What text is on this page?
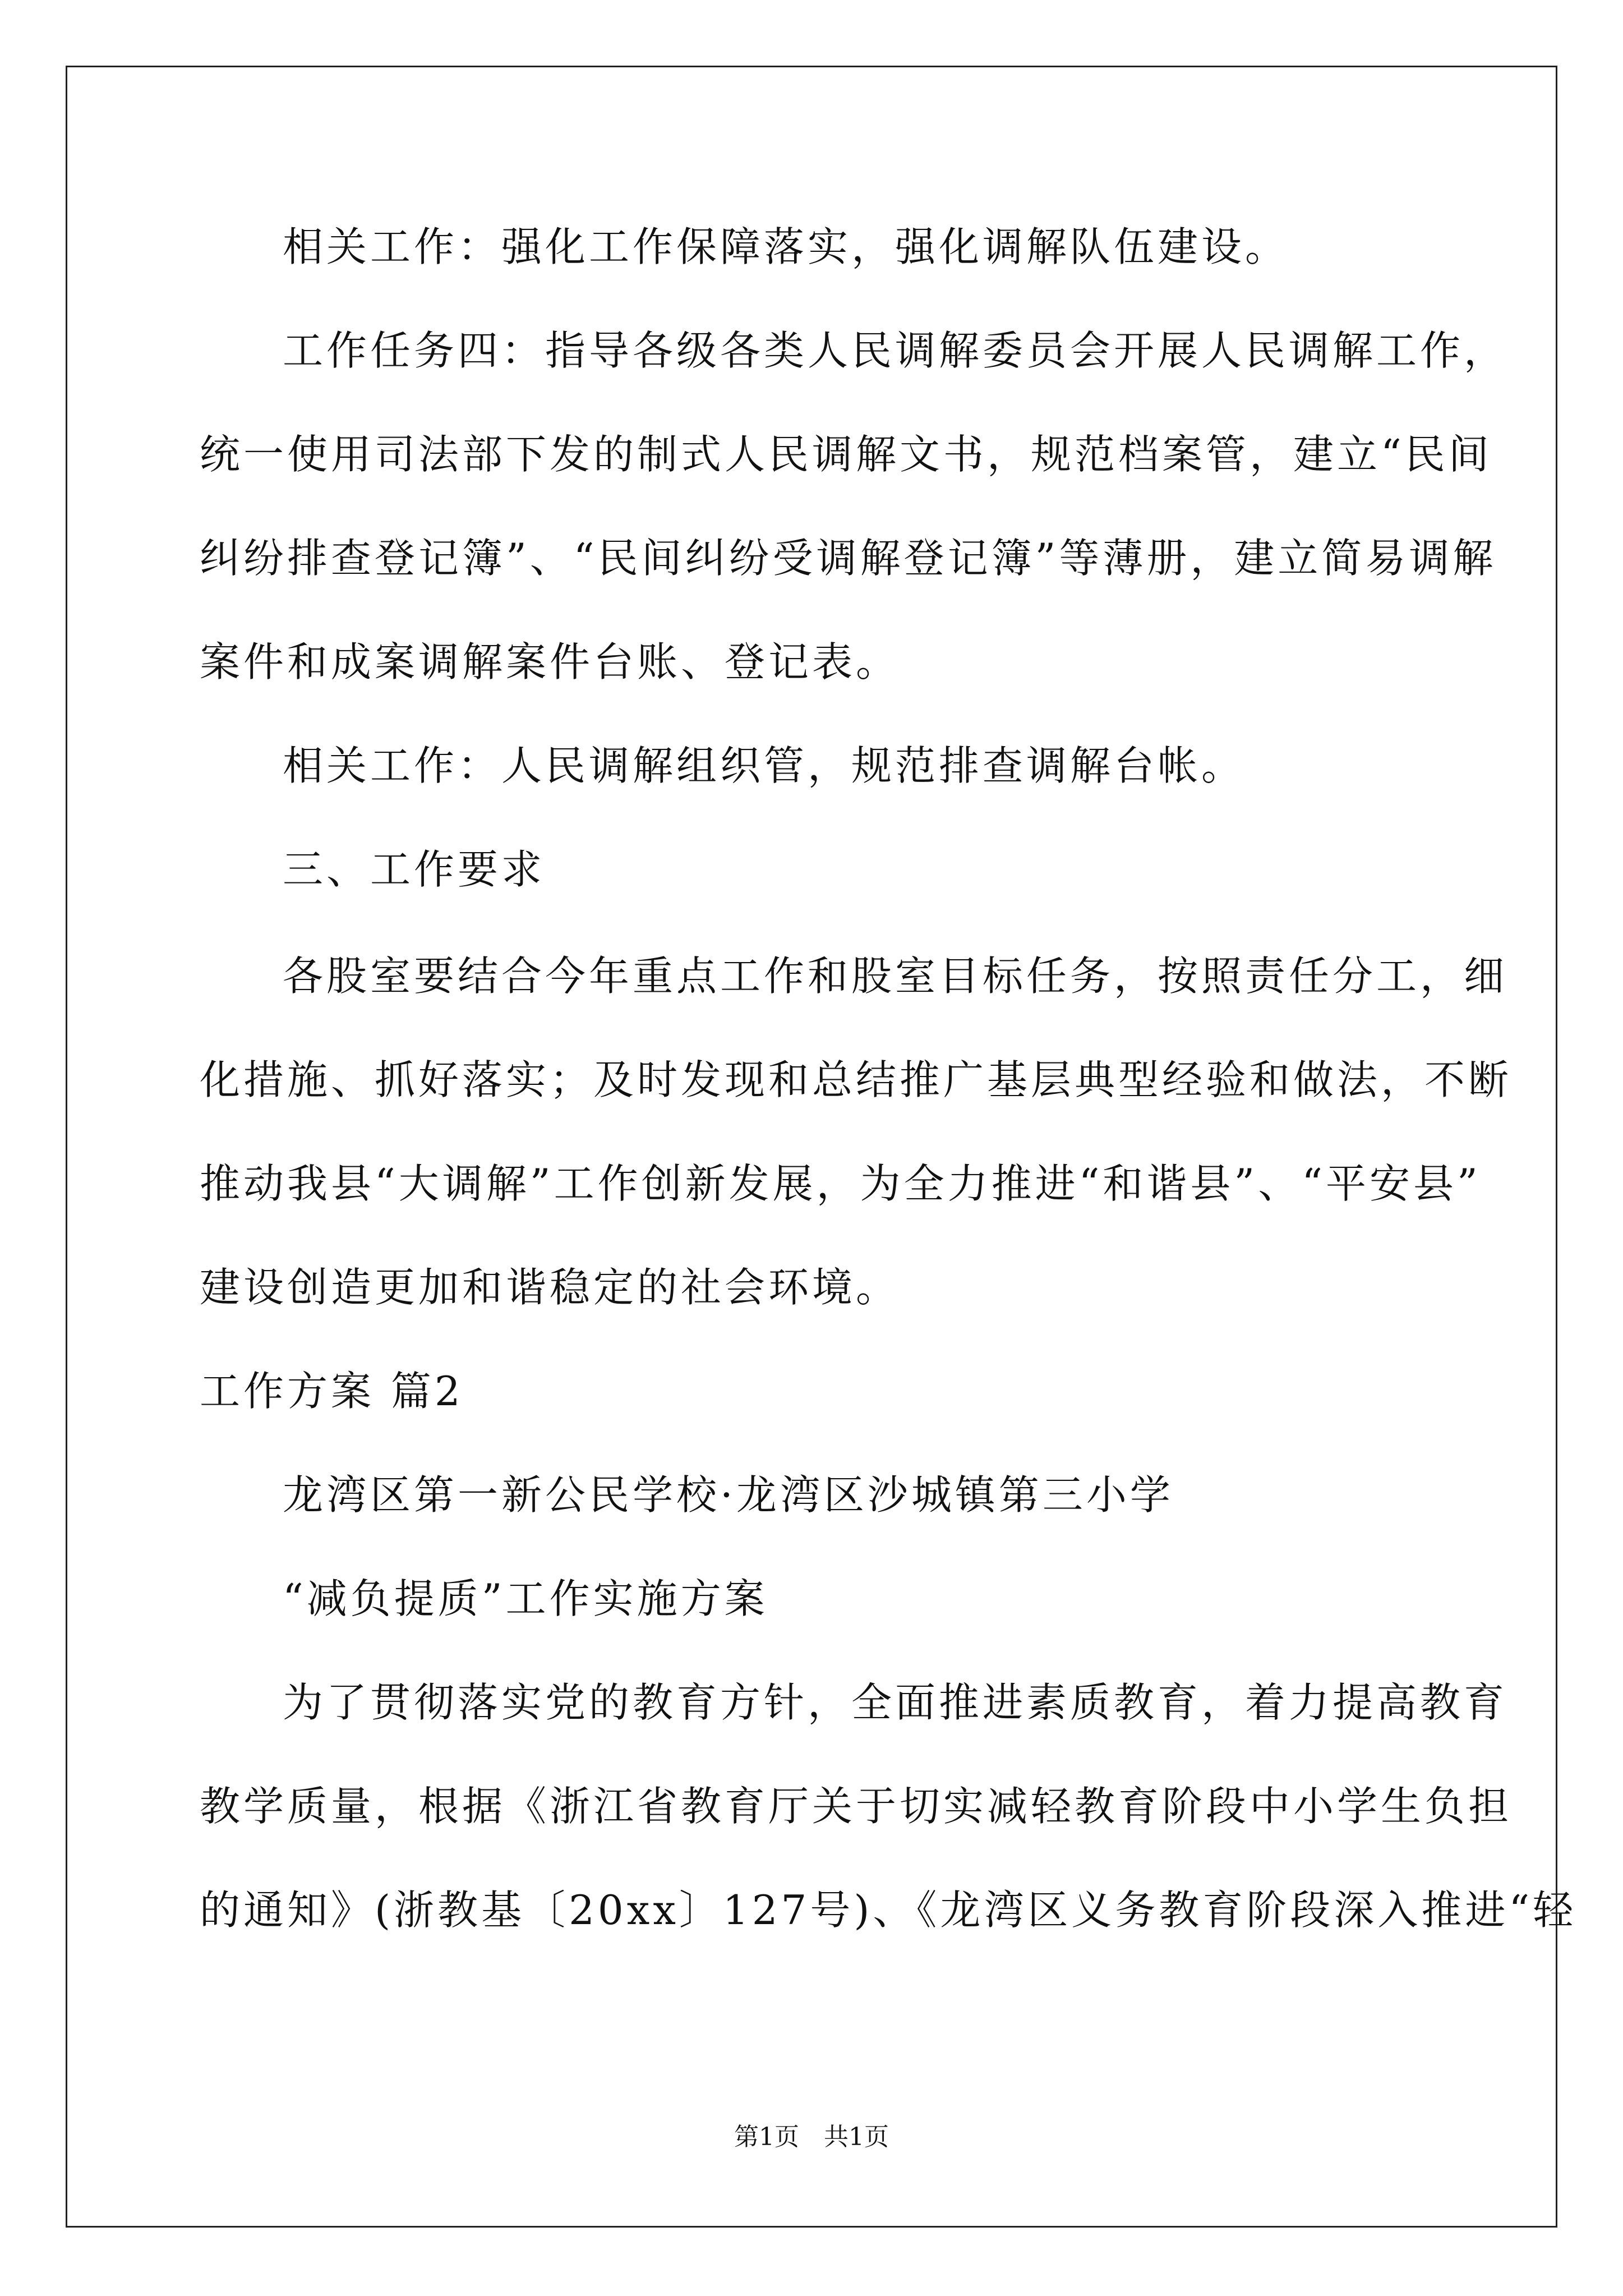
相关工作：强化工作保障落实，强化调解队伍建设。
工作任务四：指导各级各类人民调解委员会开展人民调解工作，
统一使用司法部下发的制式人民调解文书，规范档案管，建立“民间
纠纷排查登记簿”、“民间纠纷受调解登记簿”等薄册，建立简易调解
案件和成案调解案件台账、登记表。
相关工作：人民调解组织管，规范排查调解台帐。
三、工作要求
各股室要结合今年重点工作和股室目标任务，按照责任分工，细
化措施、抓好落实；及时发现和总结推广基层典型经验和做法，不断
推动我县“大调解”工作创新发展，为全力推进“和谐县”、“平安县”
建设创造更加和谐稳定的社会环境。
工作方案 篇2
龙湾区第一新公民学校·龙湾区沙城镇第三小学
“减负提质”工作实施方案
为了贯彻落实党的教育方针，全面推进素质教育，着力提高教育
教学质量，根据《浙江省教育厅关于切实减轻教育阶段中小学生负担
的通知》(浙教基〔20xx〕127号)、《龙湾区义务教育阶段深入推进“轻
第1页　共1页
